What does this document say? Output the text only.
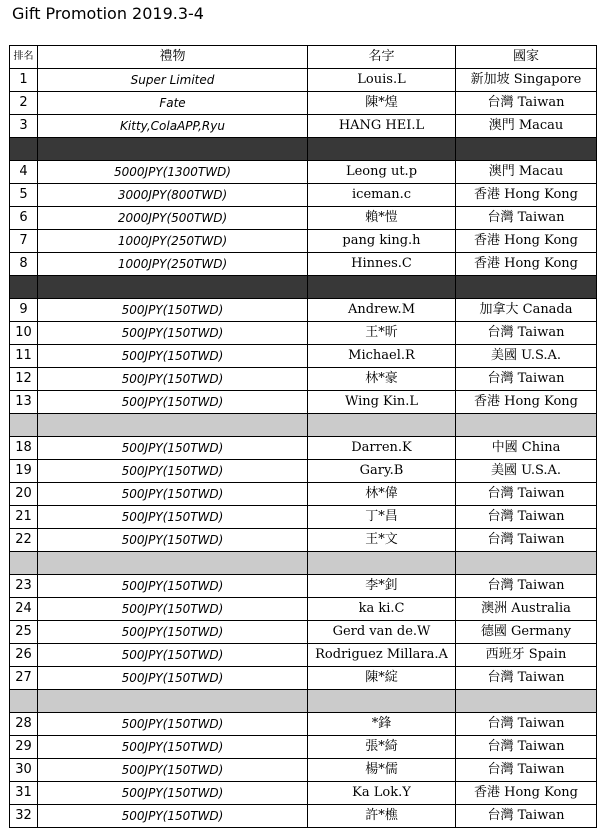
Gift Promotion 2019.3-4
排名	禮物	名字	國家
1	Super Limited	Louis.L	新加坡 Singapore
2	Fate	陳*煌	台灣 Taiwan
3	Kitty,ColaAPP,Ryu	HANG HEI.L	澳門 Macau

4	5000JPY(1300TWD)	Leong ut.p	澳門 Macau
5	3000JPY(800TWD)	iceman.c	香港 Hong Kong
6	2000JPY(500TWD)	賴*愷	台灣 Taiwan
7	1000JPY(250TWD)	pang king.h	香港 Hong Kong
8	1000JPY(250TWD)	Hinnes.C	香港 Hong Kong

9	500JPY(150TWD)	Andrew.M	加拿大 Canada
10	500JPY(150TWD)	王*昕	台灣 Taiwan
11	500JPY(150TWD)	Michael.R	美國 U.S.A.
12	500JPY(150TWD)	林*豪	台灣 Taiwan
13	500JPY(150TWD)	Wing Kin.L	香港 Hong Kong

18	500JPY(150TWD)	Darren.K	中國 China
19	500JPY(150TWD)	Gary.B	美國 U.S.A.
20	500JPY(150TWD)	林*偉	台灣 Taiwan
21	500JPY(150TWD)	丁*昌	台灣 Taiwan
22	500JPY(150TWD)	王*文	台灣 Taiwan

23	500JPY(150TWD)	李*釗	台灣 Taiwan
24	500JPY(150TWD)	ka ki.C	澳洲 Australia
25	500JPY(150TWD)	Gerd van de.W	德國 Germany
26	500JPY(150TWD)	Rodriguez Millara.A	西班牙 Spain
27	500JPY(150TWD)	陳*綻	台灣 Taiwan

28	500JPY(150TWD)	*鋒	台灣 Taiwan
29	500JPY(150TWD)	張*綺	台灣 Taiwan
30	500JPY(150TWD)	楊*儒	台灣 Taiwan
31	500JPY(150TWD)	Ka Lok.Y	香港 Hong Kong
32	500JPY(150TWD)	許*樵	台灣 Taiwan
